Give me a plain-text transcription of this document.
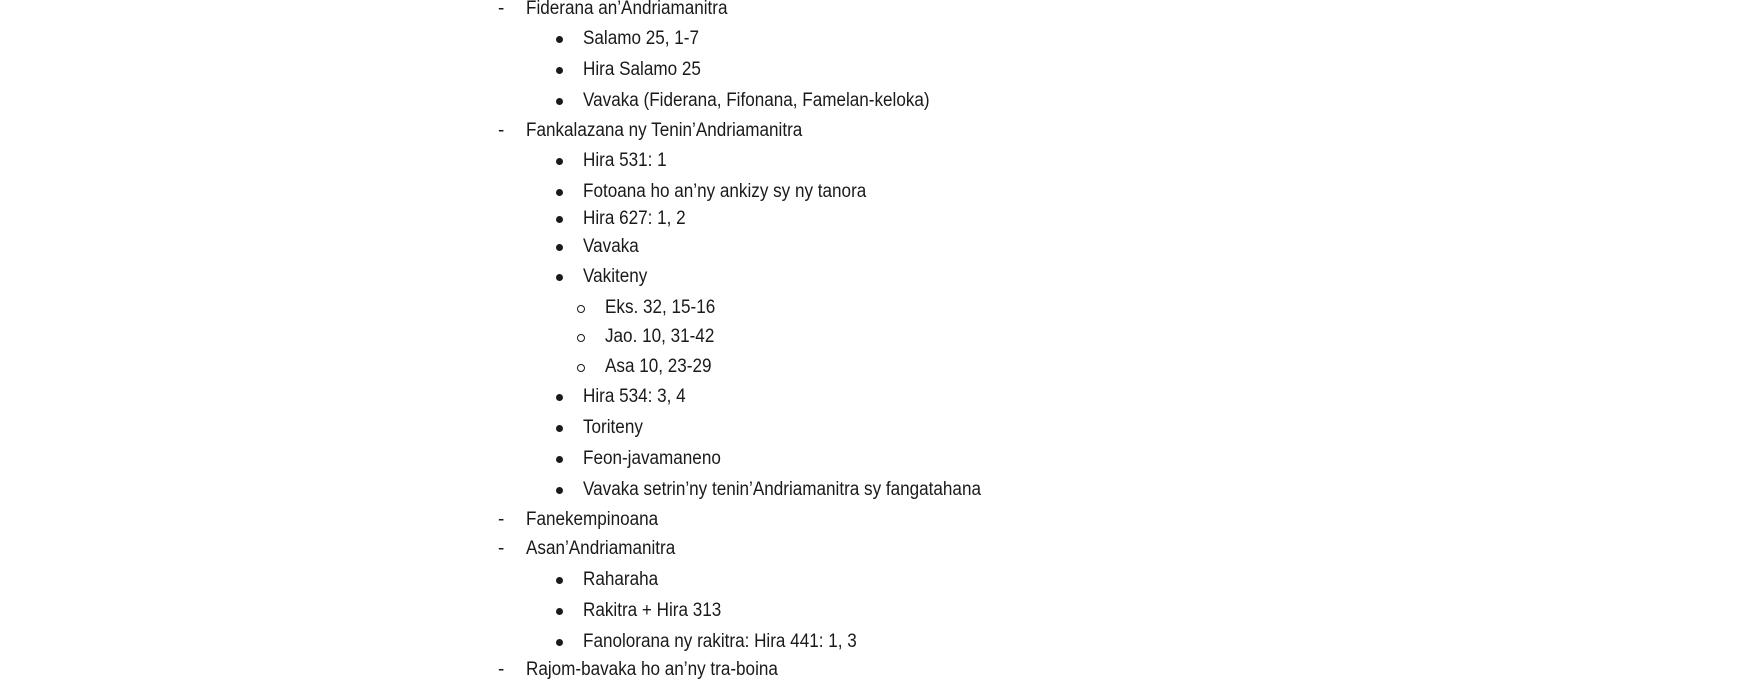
- Fiderana an’Andriamanitra
Salamo 25, 1-7
Hira Salamo 25
Vavaka (Fiderana, Fifonana, Famelan-keloka)
- Fankalazana ny Tenin’Andriamanitra
Hira 531: 1
Fotoana ho an’ny ankizy sy ny tanora
Hira 627: 1, 2
Vavaka
Vakiteny
Eks. 32, 15-16
Jao. 10, 31-42
Asa 10, 23-29
Hira 534: 3, 4
Toriteny
Feon-javamaneno
Vavaka setrin’ny tenin’Andriamanitra sy fangatahana
- Fanekempinoana
- Asan’Andriamanitra
Raharaha
Rakitra + Hira 313
Fanolorana ny rakitra: Hira 441: 1, 3
- Rajom-bavaka ho an’ny tra-boina
